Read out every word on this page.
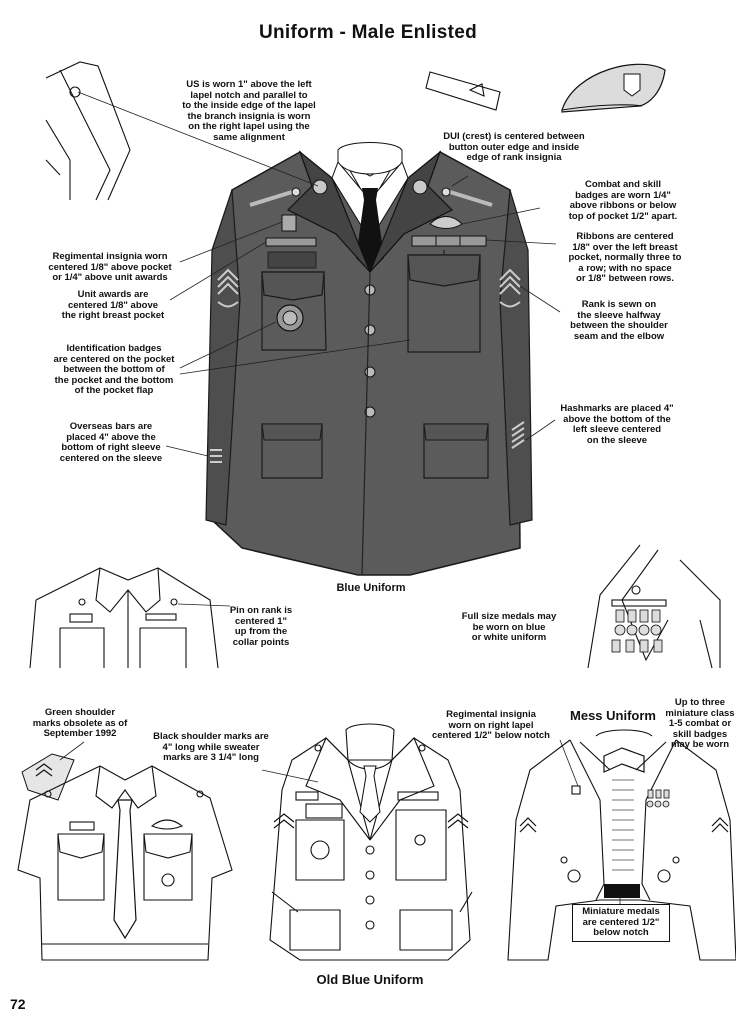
Uniform - Male Enlisted
US is worn 1" above the left
lapel notch and parallel to
to the inside edge of the lapel
the branch insignia is worn
on the right lapel using the
same alignment	DUI (crest) is centered between
button outer edge and inside
edge of rank insignia
Combat and skill
badges are worn 1/4"
above ribbons or below
top of pocket 1/2" apart.
Ribbons are centered
1/8" over the left breast
pocket, normally three to
a row; with no space
or 1/8" between rows.
Regimental insignia worn
centered 1/8" above pocket
or 1/4" above unit awards
Unit awards are
centered 1/8" above
the right breast pocket
Rank is sewn on
the sleeve halfway
between the shoulder
seam and the elbow
Identification badges
are centered on the pocket
between the bottom of
the pocket and the bottom
of the pocket flap
Overseas bars are
placed 4" above the
bottom of right sleeve
centered on the sleeve
Hashmarks are placed 4"
above the bottom of the
left sleeve centered
on the sleeve
Blue Uniform
Pin on rank is
centered 1"
up from the
collar points
Full size medals may
be worn on blue
or white uniform
Green shoulder
marks obsolete as of
September 1992	Black shoulder marks are
4" long while sweater
marks are 3 1/4" long
Regimental insignia
worn on right lapel
centered 1/2" below notch
Mess Uniform
Up to three
miniature class
1-5 combat or
skill badges
may be worn
Miniature medals
are centered 1/2"
below notch
Old Blue Uniform
72
